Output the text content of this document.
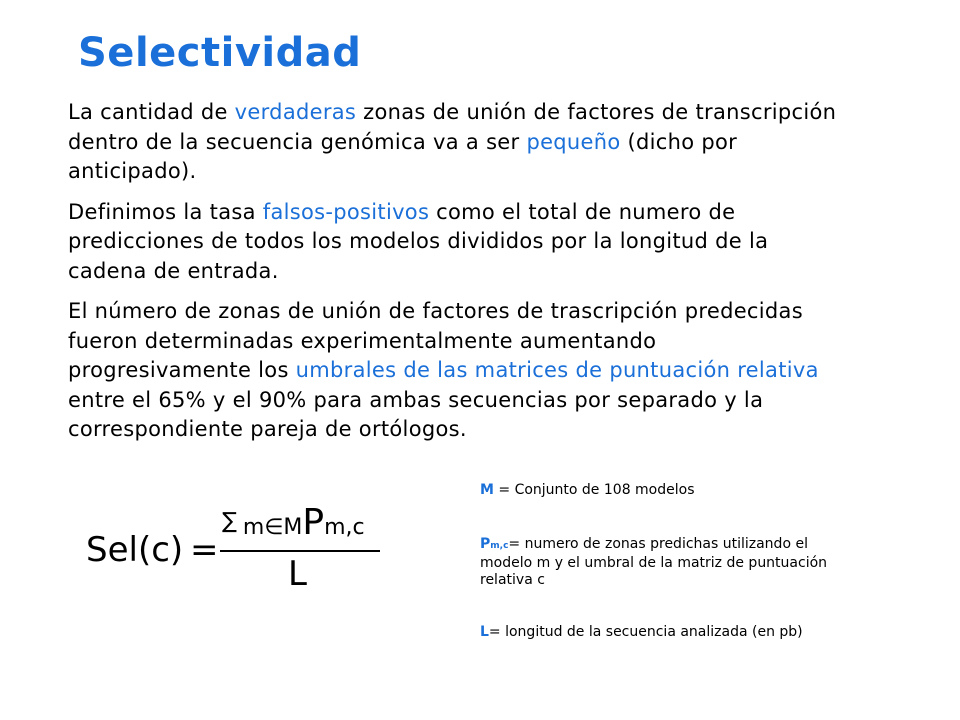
Selectividad

La cantidad de verdaderas zonas de unión de factores de transcripción dentro de la secuencia genómica va a ser pequeño (dicho por anticipado).

Definimos la tasa falsos-positivos como el total de numero de predicciones de todos los modelos divididos por la longitud de la cadena de entrada.

El número de zonas de unión de factores de trascripción predecidas fueron determinadas experimentalmente aumentando progresivamente los umbrales de las matrices de puntuación relativa entre el 65% y el 90% para ambas secuencias por separado y la correspondiente pareja de ortólogos.

Sel(c) =
∑ m∈MPm,c
L

M = Conjunto de 108 modelos

Pm,c= numero de zonas predichas utilizando el modelo m y el umbral de la matriz de puntuación relativa c

L= longitud de la secuencia analizada (en pb)
